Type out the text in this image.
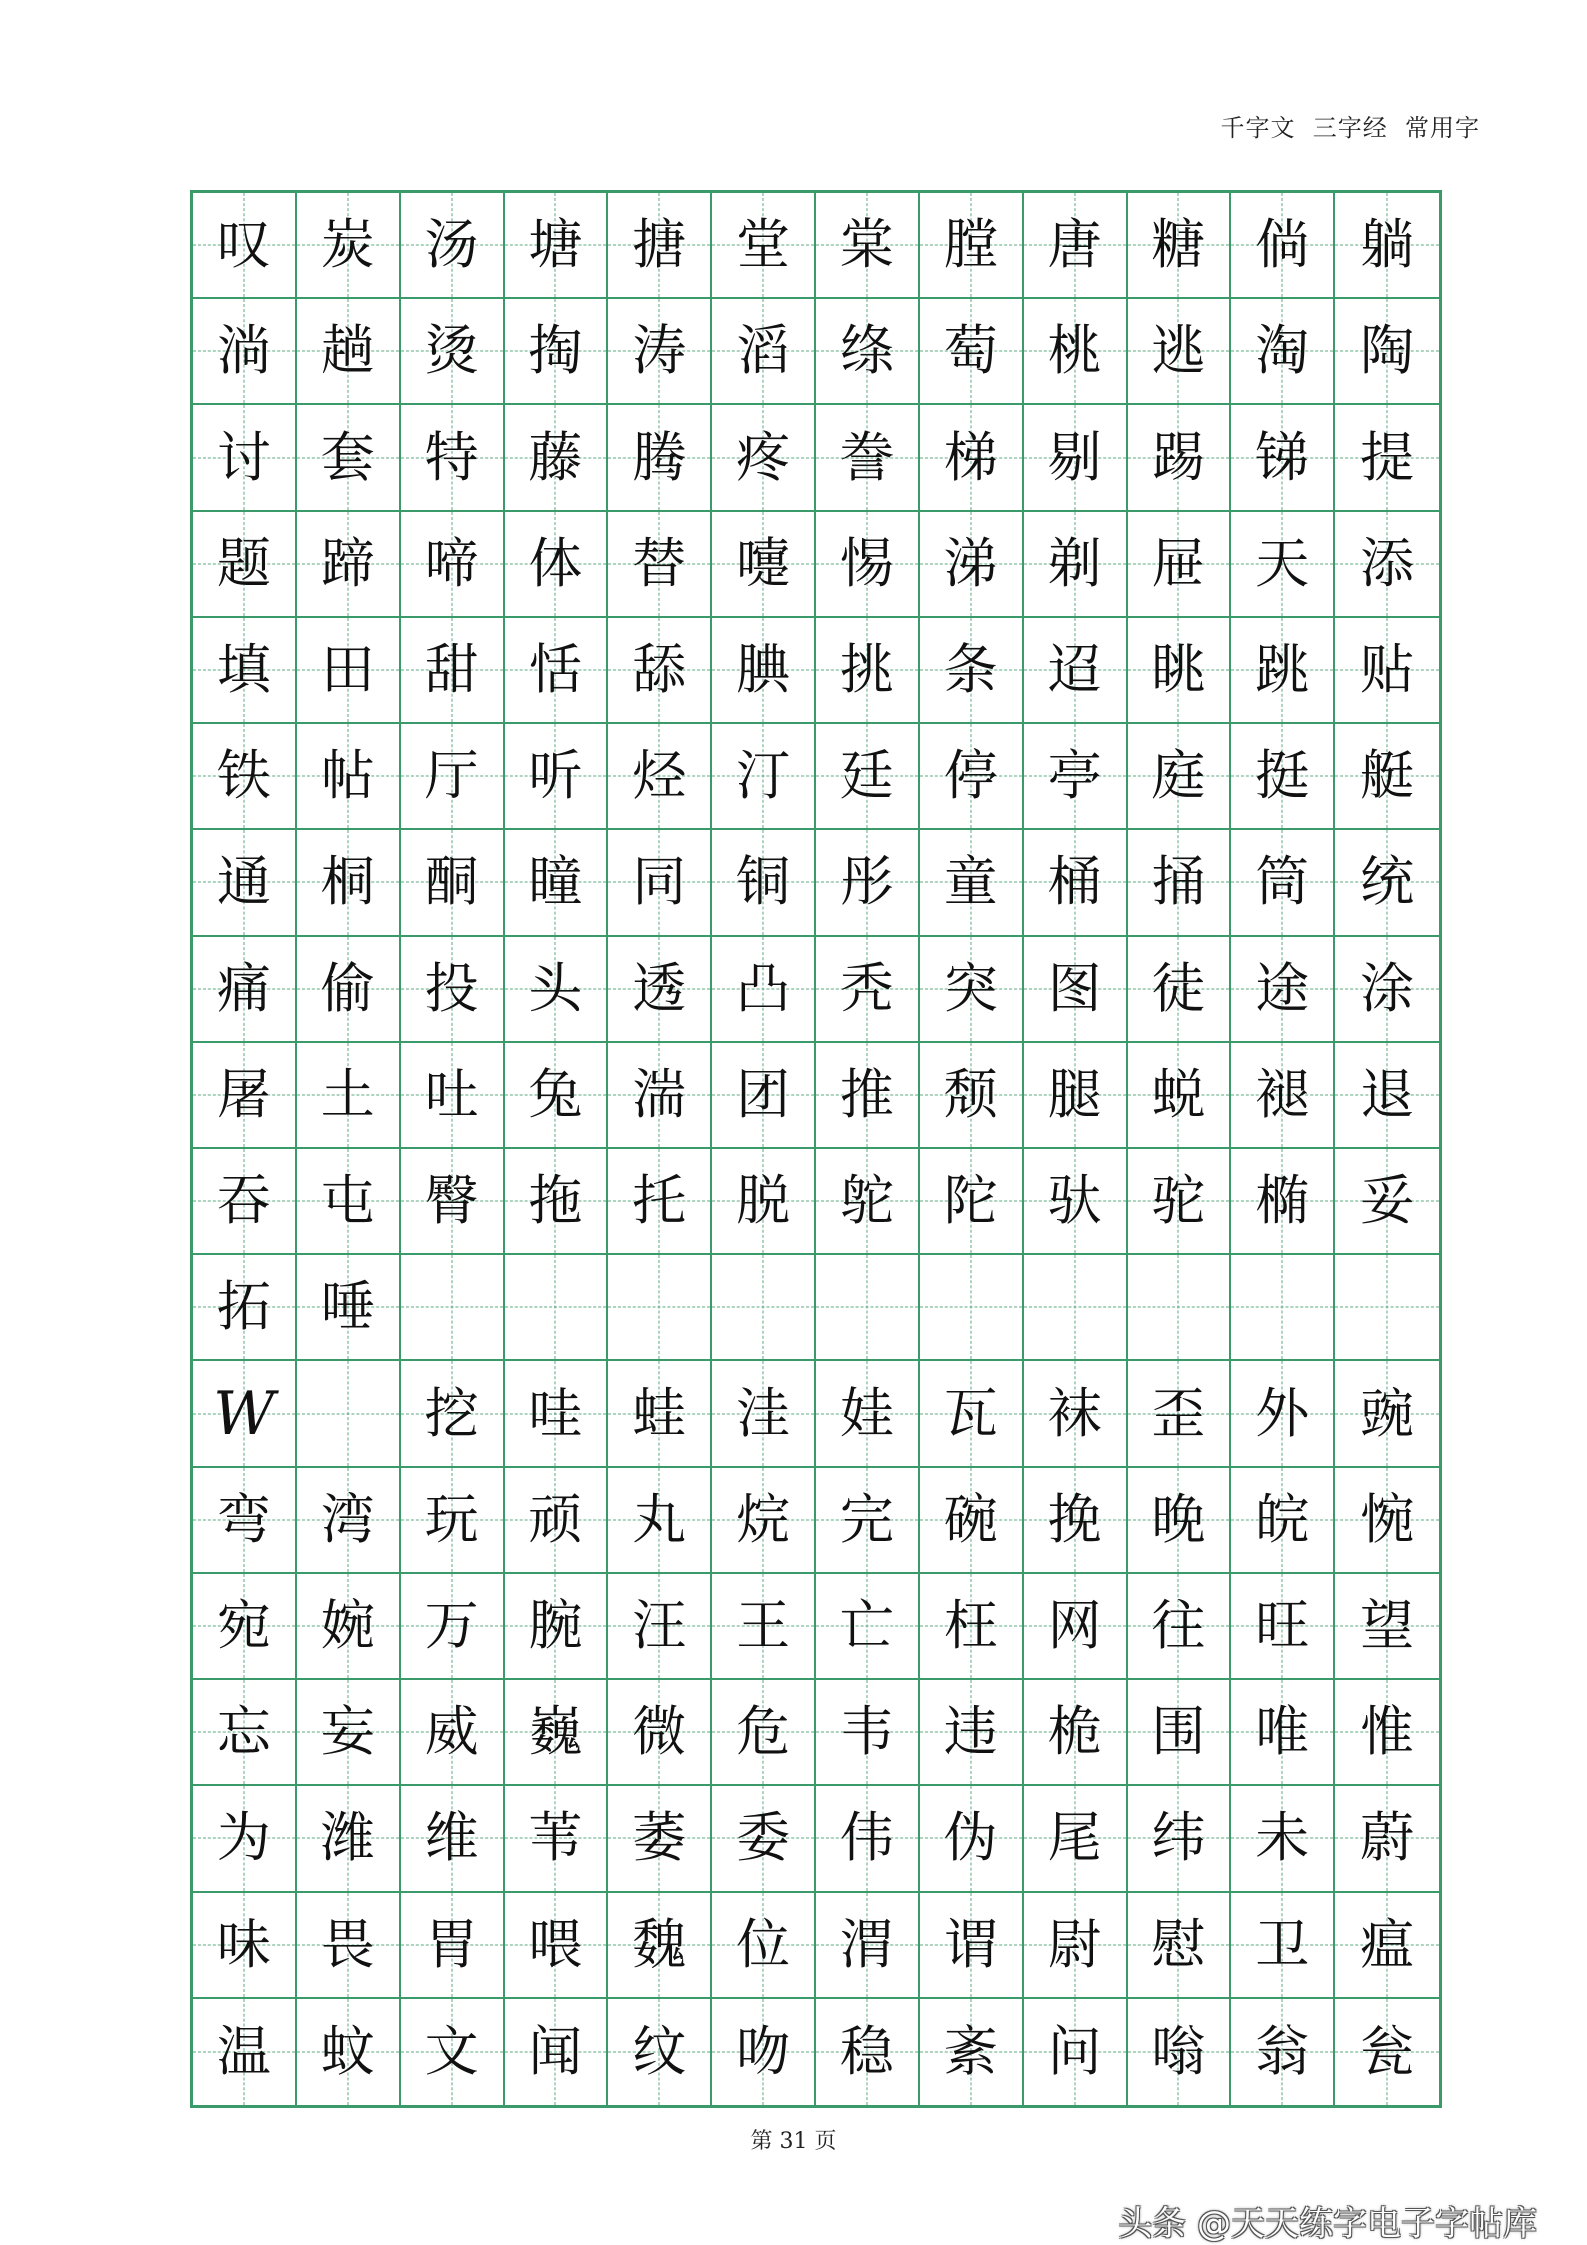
千字文  三字经  常用字
叹 炭 汤 塘 搪 堂 棠 膛 唐 糖 倘 躺
淌 趟 烫 掏 涛 滔 绦 萄 桃 逃 淘 陶
讨 套 特 藤 腾 疼 誊 梯 剔 踢 锑 提
题 蹄 啼 体 替 嚏 惕 涕 剃 屉 天 添
填 田 甜 恬 舔 腆 挑 条 迢 眺 跳 贴
铁 帖 厅 听 烃 汀 廷 停 亭 庭 挺 艇
通 桐 酮 瞳 同 铜 彤 童 桶 捅 筒 统
痛 偷 投 头 透 凸 秃 突 图 徒 途 涂
屠 土 吐 兔 湍 团 推 颓 腿 蜕 褪 退
吞 屯 臀 拖 托 脱 鸵 陀 驮 驼 椭 妥
拓 唾
W	挖 哇 蛙 洼 娃 瓦 袜 歪 外 豌
弯 湾 玩 顽 丸 烷 完 碗 挽 晚 皖 惋
宛 婉 万 腕 汪 王 亡 枉 网 往 旺 望
忘 妄 威 巍 微 危 韦 违 桅 围 唯 惟
为 潍 维 苇 萎 委 伟 伪 尾 纬 未 蔚
味 畏 胃 喂 魏 位 渭 谓 尉 慰 卫 瘟
温 蚊 文 闻 纹 吻 稳 紊 问 嗡 翁 瓮
第 31 页
头条 @天天练字电子字帖库
